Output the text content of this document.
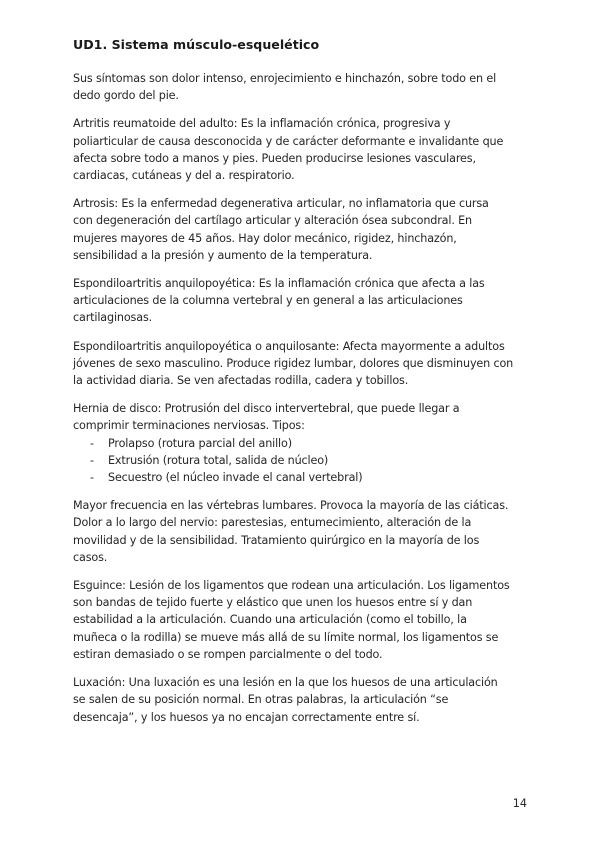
UD1. Sistema músculo-esquelético
Sus síntomas son dolor intenso, enrojecimiento e hinchazón, sobre todo en el
dedo gordo del pie.
Artritis reumatoide del adulto: Es la inflamación crónica, progresiva y
poliarticular de causa desconocida y de carácter deformante e invalidante que
afecta sobre todo a manos y pies. Pueden producirse lesiones vasculares,
cardiacas, cutáneas y del a. respiratorio.
Artrosis: Es la enfermedad degenerativa articular, no inflamatoria que cursa
con degeneración del cartílago articular y alteración ósea subcondral. En
mujeres mayores de 45 años. Hay dolor mecánico, rigidez, hinchazón,
sensibilidad a la presión y aumento de la temperatura.
Espondiloartritis anquilopoyética: Es la inflamación crónica que afecta a las
articulaciones de la columna vertebral y en general a las articulaciones
cartilaginosas.
Espondiloartritis anquilopoyética o anquilosante: Afecta mayormente a adultos
jóvenes de sexo masculino. Produce rigidez lumbar, dolores que disminuyen con
la actividad diaria. Se ven afectadas rodilla, cadera y tobillos.
Hernia de disco: Protrusión del disco intervertebral, que puede llegar a
comprimir terminaciones nerviosas. Tipos:
- Prolapso (rotura parcial del anillo)
- Extrusión (rotura total, salida de núcleo)
- Secuestro (el núcleo invade el canal vertebral)
Mayor frecuencia en las vértebras lumbares. Provoca la mayoría de las ciáticas.
Dolor a lo largo del nervio: parestesias, entumecimiento, alteración de la
movilidad y de la sensibilidad. Tratamiento quirúrgico en la mayoría de los
casos.
Esguince: Lesión de los ligamentos que rodean una articulación. Los ligamentos
son bandas de tejido fuerte y elástico que unen los huesos entre sí y dan
estabilidad a la articulación. Cuando una articulación (como el tobillo, la
muñeca o la rodilla) se mueve más allá de su límite normal, los ligamentos se
estiran demasiado o se rompen parcialmente o del todo.
Luxación: Una luxación es una lesión en la que los huesos de una articulación
se salen de su posición normal. En otras palabras, la articulación “se
desencaja”, y los huesos ya no encajan correctamente entre sí.
14
